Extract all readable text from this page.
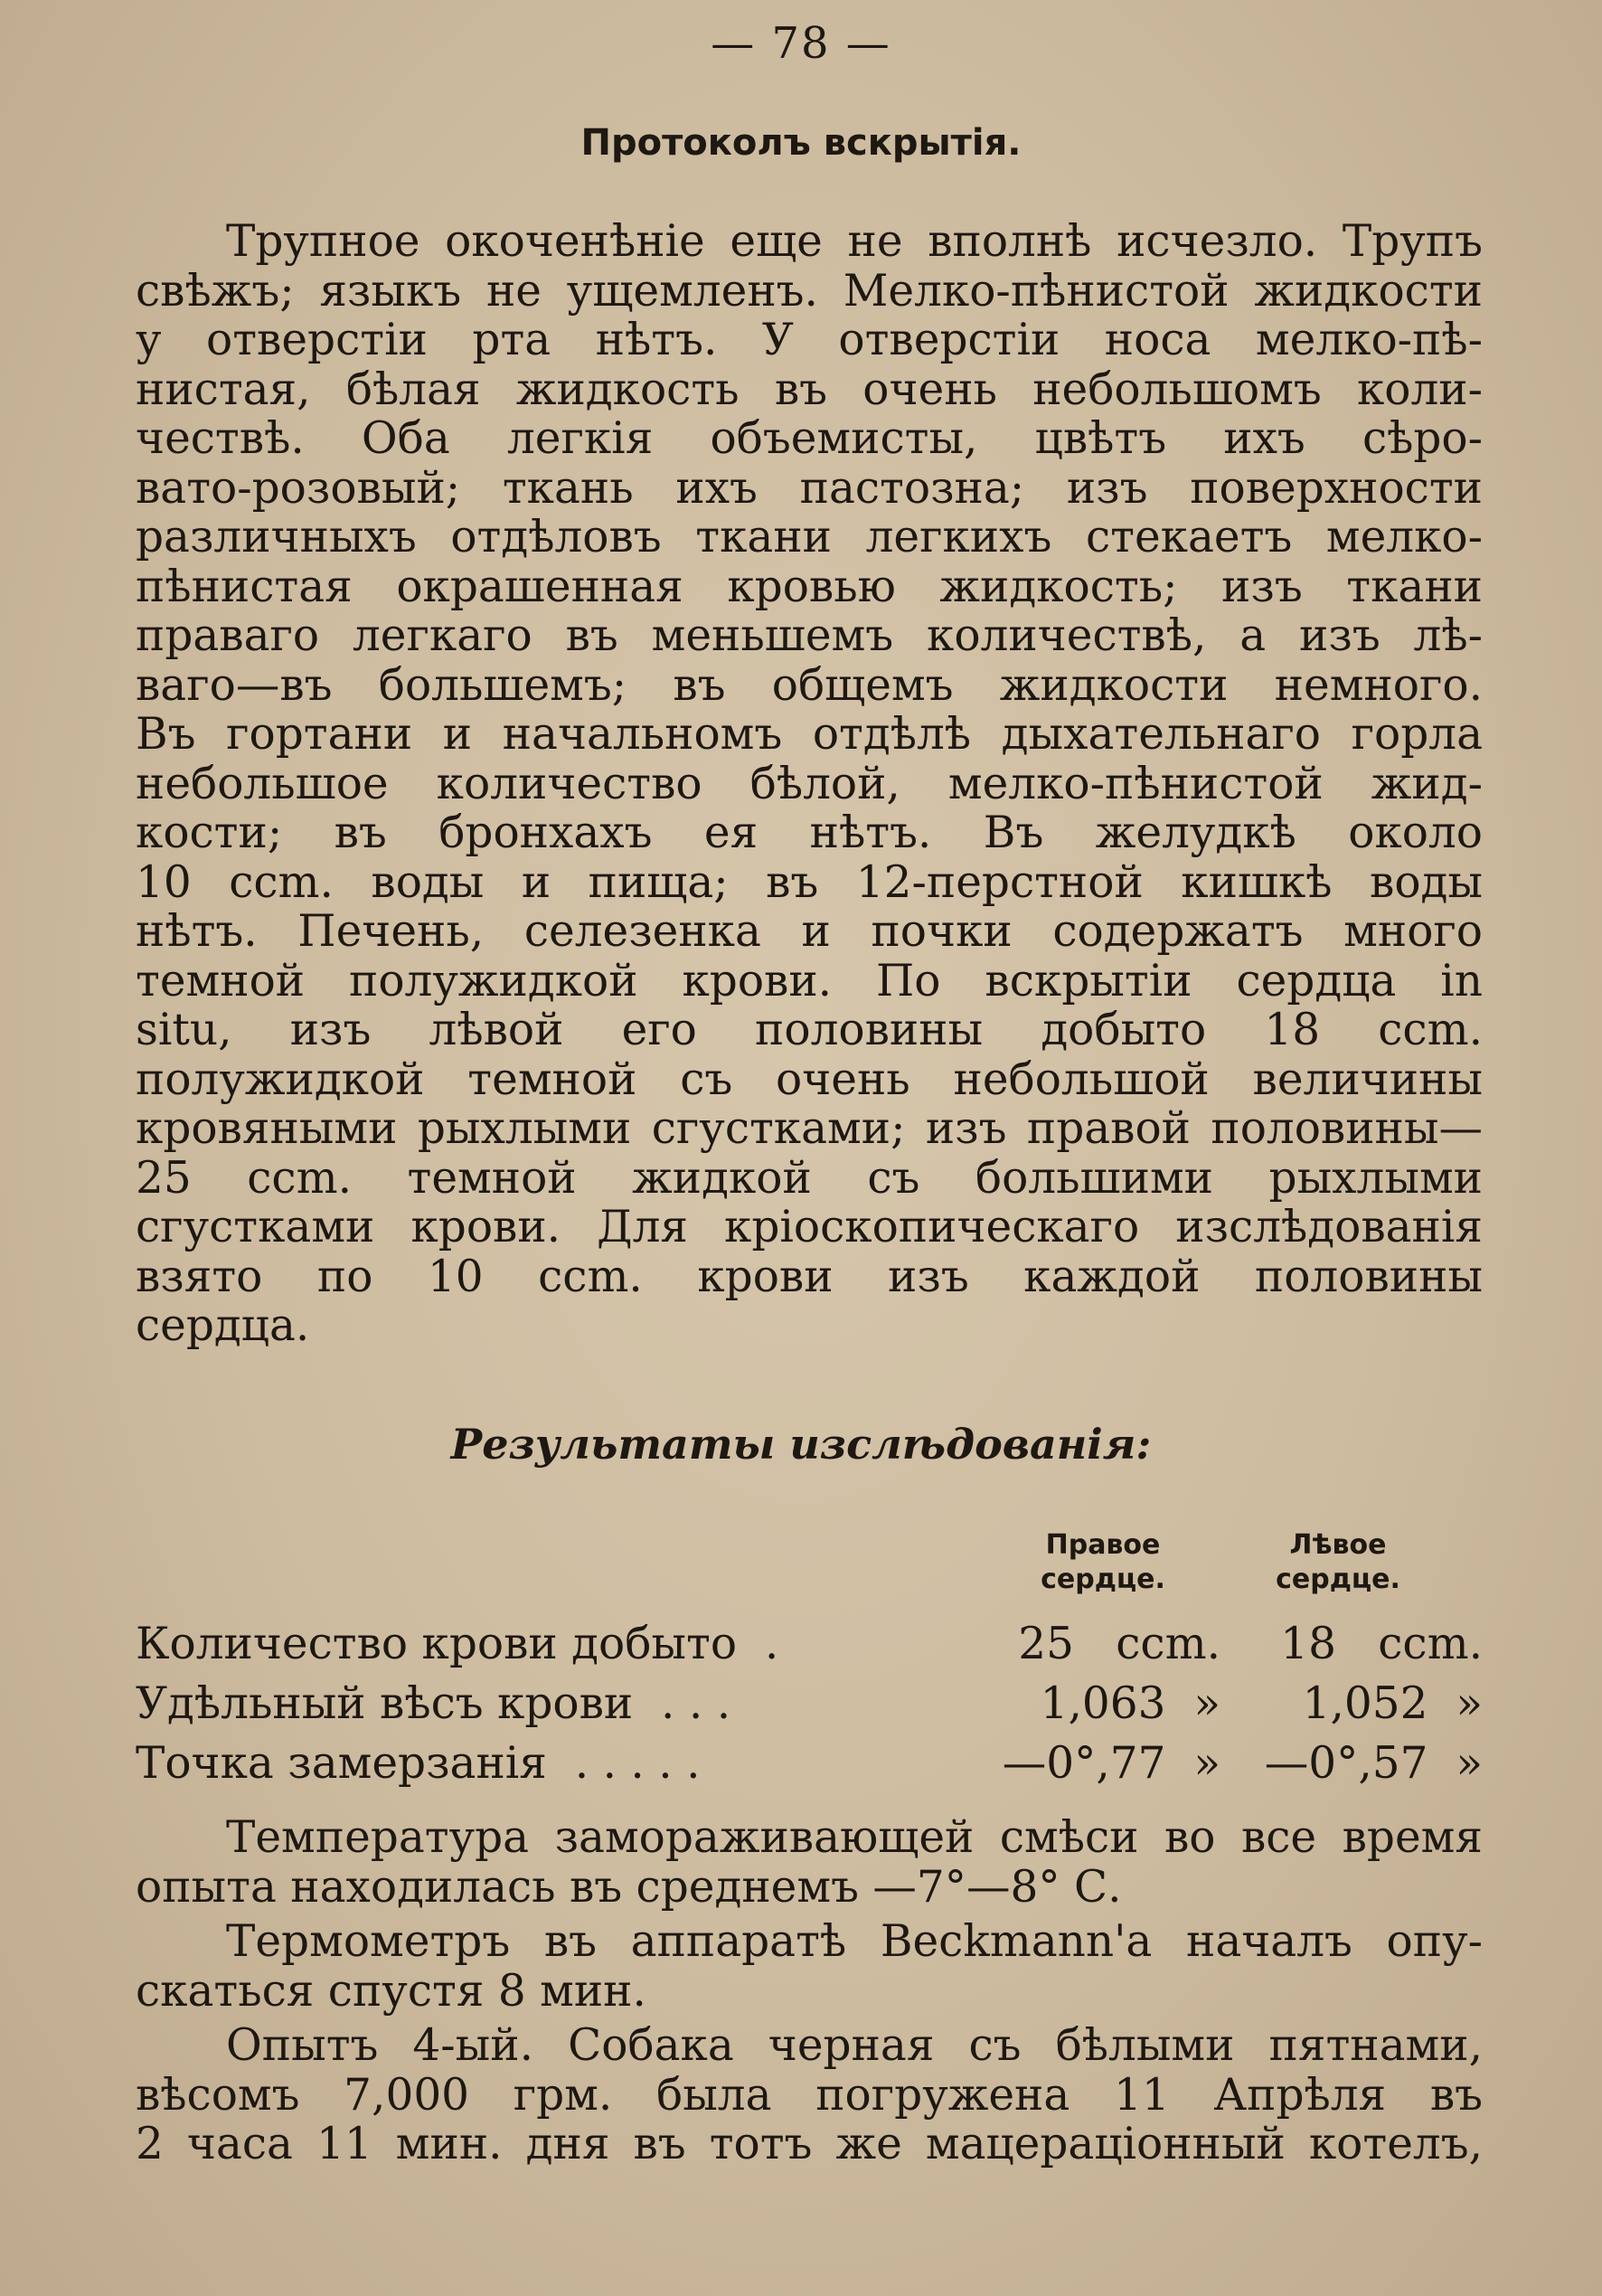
— 78 —
Протоколъ вскрытія.
Трупное окоченѣніе еще не вполнѣ исчезло. Трупъ
свѣжъ; языкъ не ущемленъ. Мелко-пѣнистой жидкости
у отверстіи рта нѣтъ. У отверстіи носа мелко-пѣ-
нистая, бѣлая жидкость въ очень небольшомъ коли-
чествѣ. Оба легкія объемисты, цвѣтъ ихъ сѣро-
вато-розовый; ткань ихъ пастозна; изъ поверхности
различныхъ отдѣловъ ткани легкихъ стекаетъ мелко-
пѣнистая окрашенная кровью жидкость; изъ ткани
праваго легкаго въ меньшемъ количествѣ, а изъ лѣ-
ваго—въ большемъ; въ общемъ жидкости немного.
Въ гортани и начальномъ отдѣлѣ дыхательнаго горла
небольшое количество бѣлой, мелко-пѣнистой жид-
кости; въ бронхахъ ея нѣтъ. Въ желудкѣ около
10 ccm. воды и пища; въ 12-перстной кишкѣ воды
нѣтъ. Печень, селезенка и почки содержатъ много
темной полужидкой крови. По вскрытіи сердца in
situ, изъ лѣвой его половины добыто 18 ccm.
полужидкой темной съ очень небольшой величины
кровяными рыхлыми сгустками; изъ правой половины—
25 ccm. темной жидкой съ большими рыхлыми
сгустками крови. Для кріоскопическаго изслѣдованія
взято по 10 ccm. крови изъ каждой половины
сердца.
Результаты изслѣдованія:
Правое
сердце.
Лѣвое
сердце.
Количество крови добыто  .	25   ccm. 18   ccm.
Удѣльный вѣсъ крови  . . .	1,063  » 1,052  »
Точка замерзанія  . . . . .	—0°,77  » —0°,57  »
Температура замораживающей смѣси во все время
опыта находилась въ среднемъ —7°—8° С.
Термометръ въ аппаратѣ Beckmann'а началъ опу-
скаться спустя 8 мин.
Опытъ 4-ый. Собака черная съ бѣлыми пятнами,
вѣсомъ 7,000 грм. была погружена 11 Апрѣля въ
2 часа 11 мин. дня въ тотъ же мацераціонный котелъ,
